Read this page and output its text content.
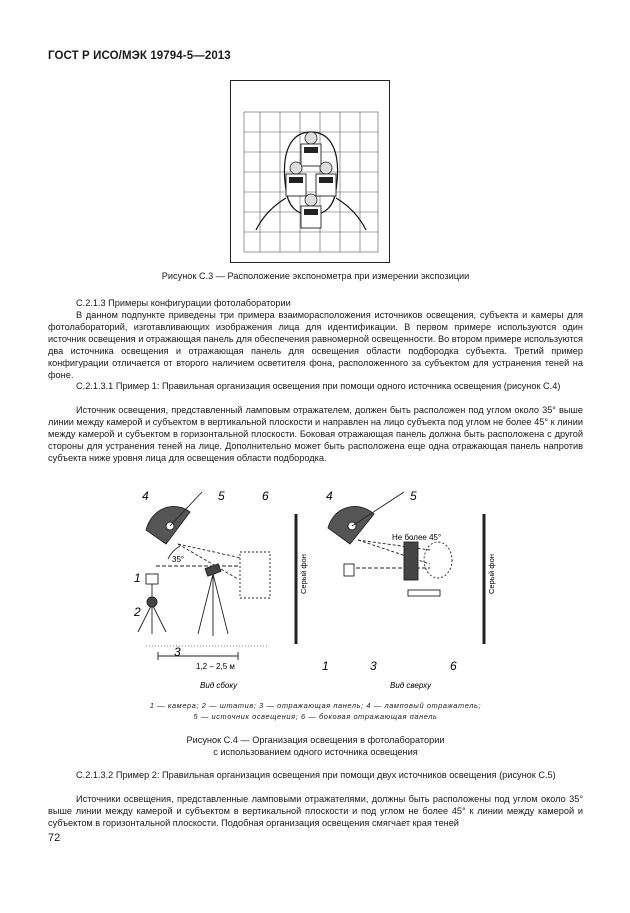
ГОСТ Р ИСО/МЭК 19794-5—2013
Рисунок С.3 — Расположение экспонометра при измерении экспозиции

С.2.1.3 Примеры конфигурации фотолаборатории

В данном подпункте приведены три примера взаиморасположения источников освещения, субъекта и камеры для фотолабораторий, изготавливающих изображения лица для идентификации. В первом примере используются один источник освещения и отражающая панель для обеспечения равномерной освещенности. Во втором примере используются два источника освещения и отражающая панель для освещения области подбородка субъекта. Третий пример конфигурации отличается от второго наличием осветителя фона, расположенного за субъектом для устранения теней на фоне.

С.2.1.3.1 Пример 1: Правильная организация освещения при помощи одного источника освещения (рисунок С.4)

Источник освещения, представленный ламповым отражателем, должен быть расположен под углом около 35° выше линии между камерой и субъектом в вертикальной плоскости и направлен на лицо субъекта под углом не более 45° к линии между камерой и субъектом в горизонтальной плоскости. Боковая отражающая панель должна быть расположена с другой стороны для устранения теней на лице. Дополнительно может быть расположена еще одна отражающая панель напротив субъекта ниже уровня лица для освещения области подбородка.

4	5	6
1
2
3
35°
1,2 – 2,5 м
Вид сбоку
Серый фон
4	5
1	3	6
Не более 45°
Вид сверху
Серый фон
1 — камера; 2 — штатив; 3 — отражающая панель; 4 — ламповый отражатель;
5 — источник освещения; 6 — боковая отражающая панель
Рисунок С.4 — Организация освещения в фотолаборатории
с использованием одного источника освещения

С.2.1.3.2 Пример 2: Правильная организация освещения при помощи двух источников освещения (рисунок С.5)

Источники освещения, представленные ламповыми отражателями, должны быть расположены под углом около 35° выше линии между камерой и субъектом в вертикальной плоскости и под углом не более 45° к линии между камерой и субъектом в горизонтальной плоскости. Подобная организация освещения смягчает края теней

72
